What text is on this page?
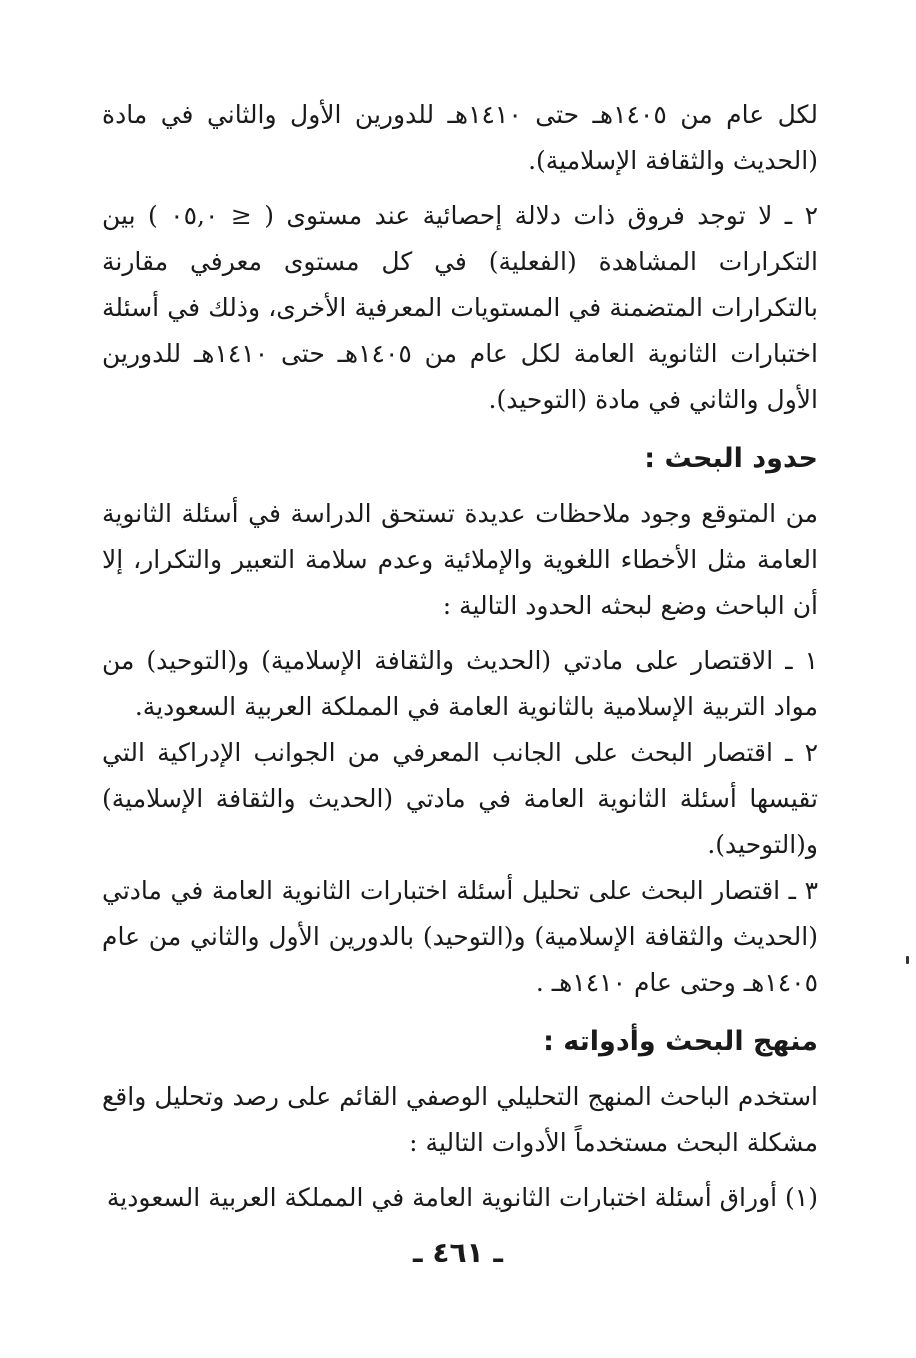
لكل عام من ١٤٠٥هـ حتى ١٤١٠هـ للدورين الأول والثاني في مادة (الحديث والثقافة الإسلامية).

٢ ـ لا توجد فروق ذات دلالة إحصائية عند مستوى ( ≤ ٠٥,٠ ) بين التكرارات المشاهدة (الفعلية) في كل مستوى معرفي مقارنة بالتكرارات المتضمنة في المستويات المعرفية الأخرى، وذلك في أسئلة اختبارات الثانوية العامة لكل عام من ١٤٠٥هـ حتى ١٤١٠هـ للدورين الأول والثاني في مادة (التوحيد).

حدود البحث :

من المتوقع وجود ملاحظات عديدة تستحق الدراسة في أسئلة الثانوية العامة مثل الأخطاء اللغوية والإملائية وعدم سلامة التعبير والتكرار، إلا أن الباحث وضع لبحثه الحدود التالية :

١ ـ الاقتصار على مادتي (الحديث والثقافة الإسلامية) و(التوحيد) من مواد التربية الإسلامية بالثانوية العامة في المملكة العربية السعودية.

٢ ـ اقتصار البحث على الجانب المعرفي من الجوانب الإدراكية التي تقيسها أسئلة الثانوية العامة في مادتي (الحديث والثقافة الإسلامية) و(التوحيد).

٣ ـ اقتصار البحث على تحليل أسئلة اختبارات الثانوية العامة في مادتي (الحديث والثقافة الإسلامية) و(التوحيد) بالدورين الأول والثاني من عام ١٤٠٥هـ وحتى عام ١٤١٠هـ .

منهج البحث وأدواته :

استخدم الباحث المنهج التحليلي الوصفي القائم على رصد وتحليل واقع مشكلة البحث مستخدماً الأدوات التالية :

(١) أوراق أسئلة اختبارات الثانوية العامة في المملكة العربية السعودية

ـ ٤٦١ ـ
